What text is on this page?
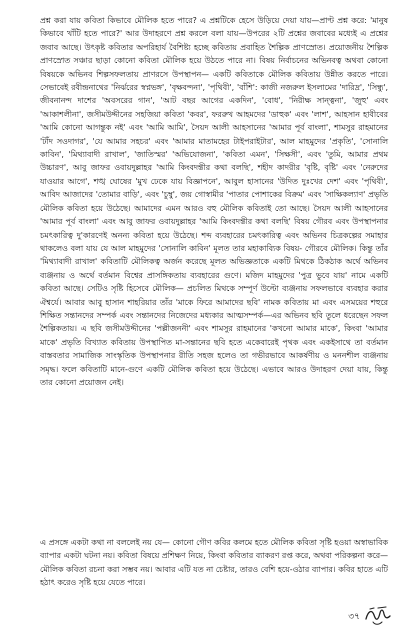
প্রশ্ন করা যায় কবিতা কিভাবে মৌলিক হতে পারে? এ প্রশ্নটিকে হেসে উড়িয়ে দেয়া যায়—প্রাণ্ট প্রশ্ন করে: 'মানুষ কিভাবে খাঁটি হতে পারে?' আর উদাহরণে প্রশ্ন করলে বলা যায়—উপরের ২টি প্রশ্নের জবাবের মধ্যেই এ প্রশ্নের জবাব আছে। উৎকৃষ্ট কবিতার অপরিহার্য বৈশিষ্ট্য হচ্ছে কবিতায় প্রবাহিত শৈল্পিক প্রাণস্রোত। প্রয়োজনীয় শৈল্পিক প্রাণস্রোত সঞ্চার ছাড়া কোনো কবিতা মৌলিক হয়ে উঠতে পারে না। বিষয় নির্বাচনের অভিনবত্ব অথবা কোনো বিষয়কে অভিনব শিল্পসফলতায় প্রাণরসে উপস্থাপন— একটি কবিতাকে মৌলিক কবিতায় উন্নীত করতে পারে। সেভাবেই রবীন্দ্রনাথের 'নির্ঝরের স্বপ্নভঙ্গ', 'বৃক্ষবন্দনা', 'পৃথিবী', 'বাঁশি': কাজী নজরুল ইসলামের 'দারিদ্র', 'সিন্ধু', জীবনানন্দ দাশের 'অবসরের গান', 'আট বছর আগের একদিন', 'বোধ', 'নিরীক্ষ সান্ত্বনা', 'জুহু' এবং 'আকাশলীনা', জসীমউদ্দীনের সহজিয়া কবিতা 'কবর', ফররুখ আহমদের 'ডাহুক' এবং 'লাশ', আহসান হাবীবের 'আমি কোনো আগন্তুক নই' এবং 'আমি আমি', সৈয়দ আলী আহসানের 'আমার পূর্ব বাংলা', শামসুর রাহমানের 'টাঁদ সওদাগর', 'যে আমার সহচর' এবং 'আমার মাতামহের টাইপরাইটার', আল মাহমুদের 'প্রকৃতি', 'সোনালি কাবিন', 'মিথ্যাবাদী রাখাল', 'জাতিস্মর' 'অভিযোজনা', 'কবিতা এমন', 'সিক্ষসী', এবং 'তুমি, আমার প্রথম উচ্চারণ', আবু জাফর ওবায়দুল্লাহর 'আমি কিংবদন্তীর কথা বলছি', শহীদ কাদরীর 'বৃষ্টি, বৃষ্টি' এবং 'নেরুদের যাওয়ার আগে', শঙ্খ ঘোষের 'মুখ ঢেকে যায় বিজ্ঞাপনে', আবুল হাসানের 'উদিত দুঃখের দেশ' এবং 'পৃথিবী', আবিদ আজাদের 'তোমার বাড়ি', এবং 'চুম্বু', জয় গোস্বামীর 'পাতার পোশাকের বিক্রম' এবং 'সাক্ষিকল্যাণ' প্রভৃতি মৌলিক কবিতা হয়ে উঠেছে। আমাদের এমন আরও বহু মৌলিক কবিতাই তো আছে। সৈয়দ আলী আহসানের 'আমার পূর্ব বাংলা' এবং আবু জাফর ওবায়দুল্লাহর 'আমি কিংবদন্তীর কথা বলছি' বিষয় গৌরব এবং উপস্থাপনার চমৎকারিত্ব দু'কারণেই অনন্য কবিতা হয়ে উঠেছে। শব্দ ব্যবহারের চমৎকারিত্ব এবং অভিনব চিত্রকল্পের সমাহার থাকলেও বলা যায় যে আল মাহমুদের 'সোনালি কাবিন' মূলত তার মহাকাব্যিক বিষয়- গৌরবে মৌলিক। কিন্তু তাঁর 'মিথ্যাবাদী রাখাল' কবিতাটি মৌলিকত্ব অর্জন করেছে মূলত অভিজ্ঞতাকে একটি মিথকে ঠিকঠাক অর্থে অভিনব ব্যঞ্জনায় ও অর্থে বর্তমান বিশ্বের প্রাসঙ্গিকতায় ব্যবহারের গুণে। মজিদ মাহমুদের 'পুত্র ভুবে যায়' নামে একটি কবিতা আছে। সেটিও সৃষ্টি হিসেবে মৌলিক— প্রচলিত মিথকে সম্পূর্ণ উল্টো ব্যঞ্জনায় সফলভাবে ব্যবহার করার ঐশ্বর্যে। আবার আবু হাসান শাহরিয়ার তাঁর 'মাকে ফিরে আমাদের ছবি' নামক কবিতায় মা এবং এসময়ের শহুরে শিক্ষিত সন্তানদের সম্পর্ক এবং সন্তানদের নিজেদের মধ্যকার আত্মসম্পর্ক—এর অভিনব ছবি তুলে ধরেছেন সফল শৈল্পিকতায়। এ ছবি জসীমউদ্দীনের 'পল্লীজননী' এবং শামসুর রাহমানের 'কখনো আমার মাকে', কিংবা 'আমার মাকে' প্রভৃতি বিখ্যাত কবিতায় উপস্থাপিত মা-সন্তানের ছবি হতে একেবারেই পৃথক এবং একইসাথে তা বর্তমান বাস্তবতার সামাজিক সাংস্কৃতিক উপস্থাপনার রীতি সহজ হলেও তা গভীরভাবে আকর্ষণীয় ও মননশীল ব্যঞ্জনায় সমৃদ্ধ। ফলে কবিতাটি মানে-গুণে একটি মৌলিক কবিতা হয়ে উঠেছে। এভাবে আরও উদাহরণ দেয়া যায়, কিন্তু তার কোনো প্রয়োজন নেই।

এ প্রসঙ্গে একটা কথা না বললেই নয় যে— কোনো গৌণ কবির কলমে হতে মৌলিক কবিতা সৃষ্টি হওয়া অস্বাভাবিক ব্যাপার একটা ঘটনা নয়। কবিতা বিষয়ে প্রশিক্ষণ নিয়ে, কিংবা কবিতার ব্যাকরণ রপ্ত করে, অথবা পরিকল্পনা করে— মৌলিক কবিতা রচনা করা সম্ভব নয়। আবার এটি যত না চেষ্টার, তারও বেশি হয়ে-ওঠার ব্যাপার। কবির হাতে এটি হঠাৎ করেও সৃষ্টি হয়ে যেতে পারে।

৩৭
